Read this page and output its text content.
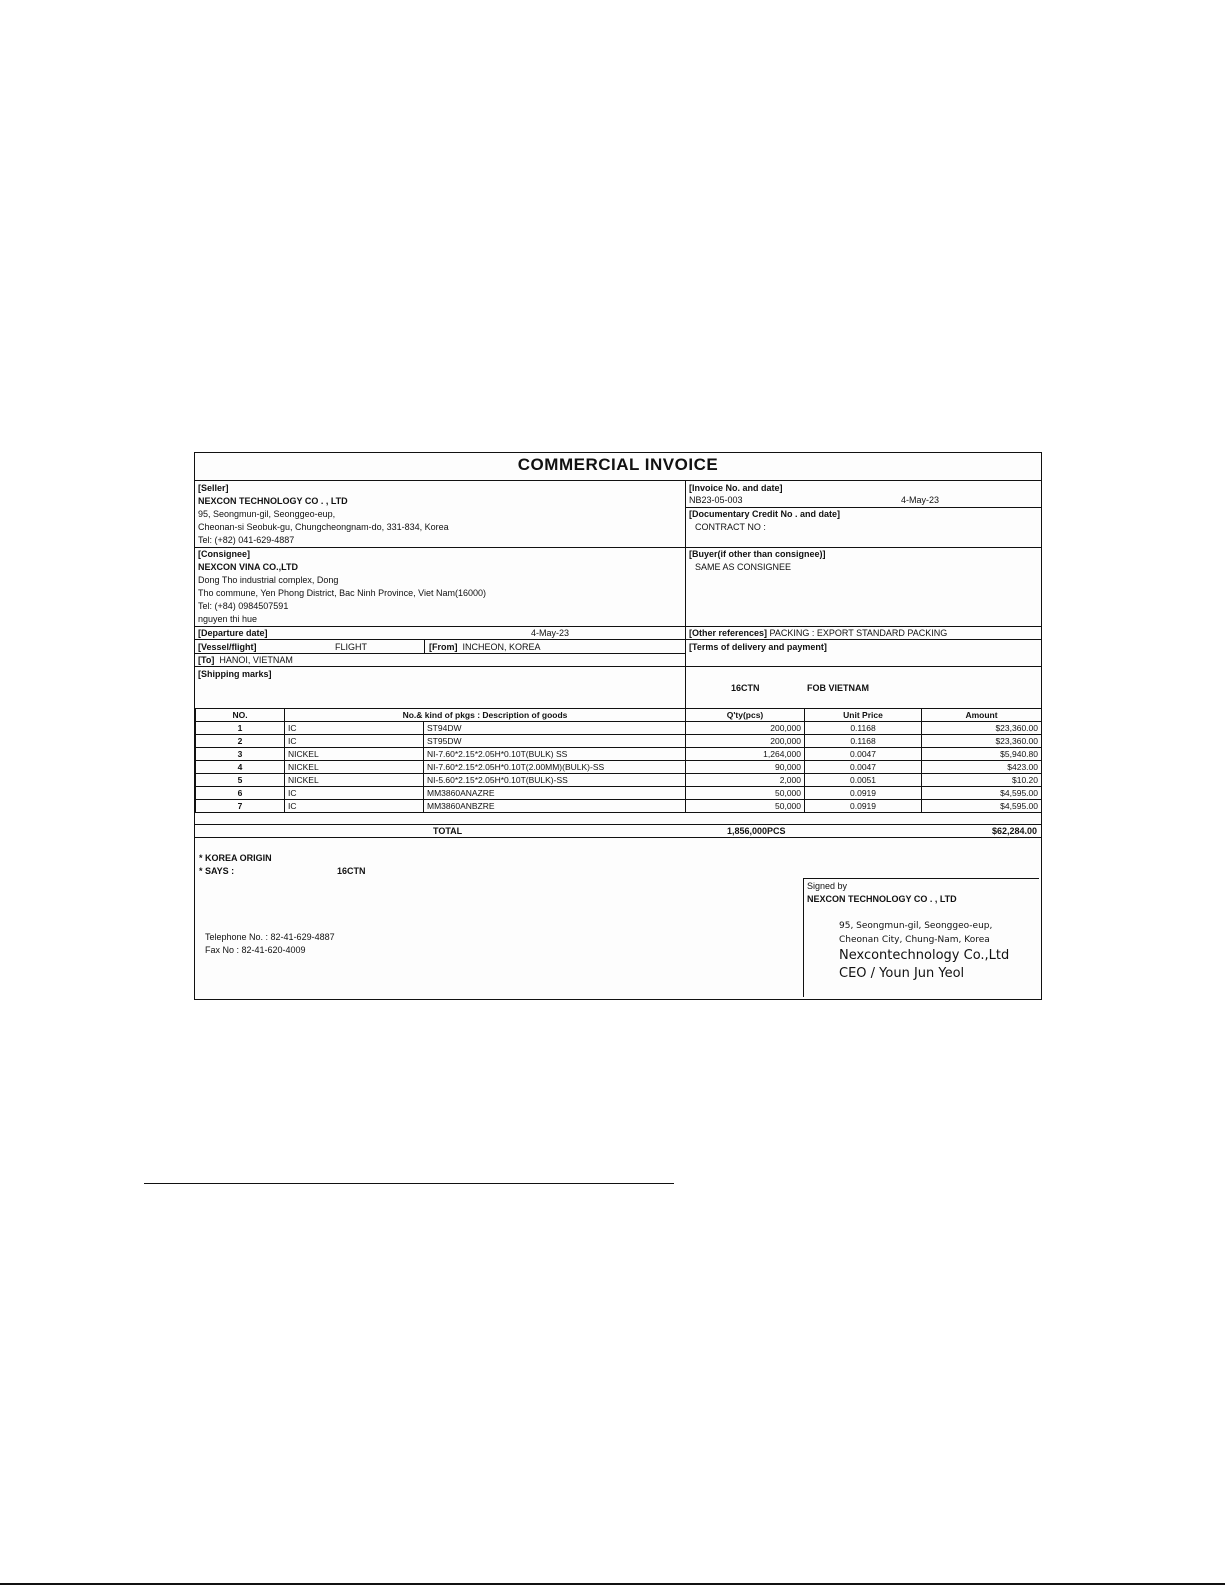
COMMERCIAL INVOICE
[Seller]
NEXCON TECHNOLOGY CO . , LTD
95, Seongmun-gil, Seonggeo-eup,
Cheonan-si Seobuk-gu, Chungcheongnam-do, 331-834, Korea
Tel: (+82) 041-629-4887
[Invoice No. and date]
NB23-05-003	4-May-23
[Documentary Credit No . and date]
CONTRACT NO :
[Consignee]
NEXCON VINA CO.,LTD
Dong Tho industrial complex, Dong
Tho commune, Yen Phong District, Bac Ninh Province, Viet Nam(16000)
Tel: (+84) 0984507591
nguyen thi hue
[Buyer(if other than consignee)]
SAME AS CONSIGNEE
[Departure date]	4-May-23	[Other references] PACKING : EXPORT STANDARD PACKING
[Vessel/flight]	FLIGHT	[From] INCHEON, KOREA	[Terms of delivery and payment]
[To] HANOI, VIETNAM
[Shipping marks]
16CTN	FOB VIETNAM
NO.	No.& kind of pkgs : Description of goods		Q'ty(pcs)	Unit Price	Amount
1	IC	ST94DW	200,000	0.1168	$23,360.00
2	IC	ST95DW	200,000	0.1168	$23,360.00
3	NICKEL	NI-7.60*2.15*2.05H*0.10T(BULK) SS	1,264,000	0.0047	$5,940.80
4	NICKEL	NI-7.60*2.15*2.05H*0.10T(2.00MM)(BULK)-SS	90,000	0.0047	$423.00
5	NICKEL	NI-5.60*2.15*2.05H*0.10T(BULK)-SS	2,000	0.0051	$10.20
6	IC	MM3860ANAZRE	50,000	0.0919	$4,595.00
7	IC	MM3860ANBZRE	50,000	0.0919	$4,595.00
TOTAL	1,856,000PCS	$62,284.00
* KOREA ORIGIN
* SAYS :	16CTN
Telephone No. : 82-41-629-4887
Fax No : 82-41-620-4009
Signed by
NEXCON TECHNOLOGY CO . , LTD
95, Seongmun-gil, Seonggeo-eup,
Cheonan City, Chung-Nam, Korea
Nexcontechnology Co.,Ltd
CEO / Youn Jun Yeol
